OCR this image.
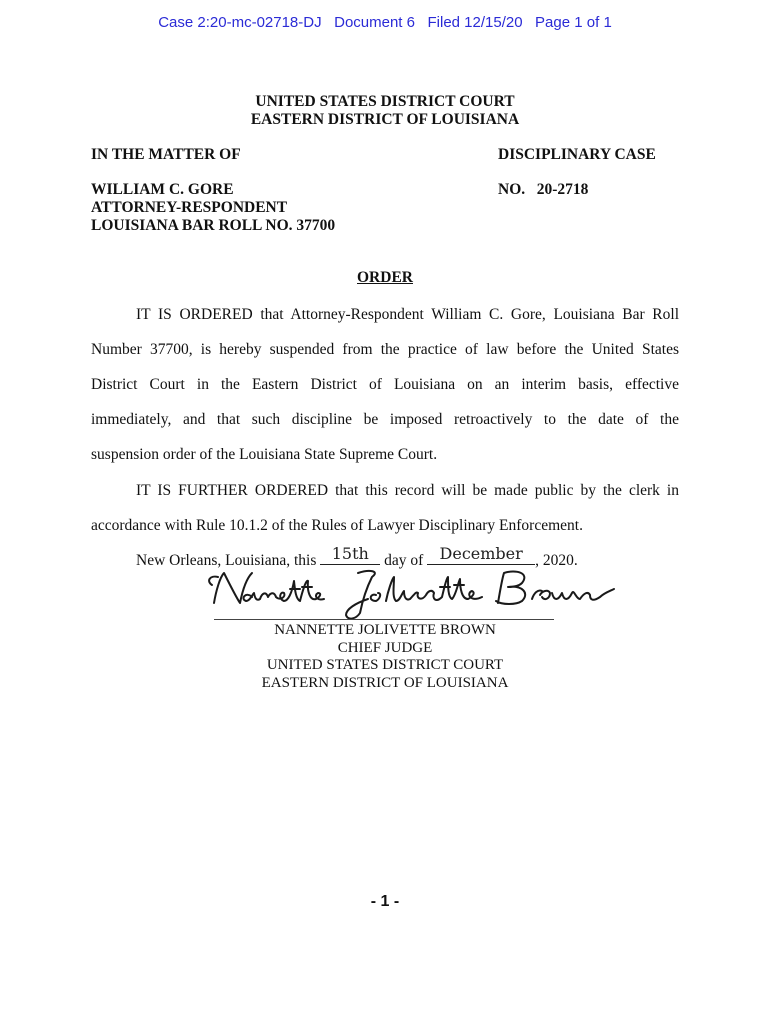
Case 2:20-mc-02718-DJ   Document 6   Filed 12/15/20   Page 1 of 1
UNITED STATES DISTRICT COURT
EASTERN DISTRICT OF LOUISIANA
IN THE MATTER OF	DISCIPLINARY CASE
WILLIAM C. GORE
ATTORNEY-RESPONDENT
LOUISIANA BAR ROLL NO. 37700
NO.   20-2718
ORDER
IT IS ORDERED that Attorney-Respondent William C. Gore, Louisiana Bar Roll
Number 37700, is hereby suspended from the practice of law before the United States
District Court in the Eastern District of Louisiana on an interim basis, effective
immediately, and that such discipline be imposed retroactively to the date of the
suspension order of the Louisiana State Supreme Court.
IT IS FURTHER ORDERED that this record will be made public by the clerk in
accordance with Rule 10.1.2 of the Rules of Lawyer Disciplinary Enforcement.
New Orleans, Louisiana, this 15th day of December , 2020.
NANNETTE JOLIVETTE BROWN
CHIEF JUDGE
UNITED STATES DISTRICT COURT
EASTERN DISTRICT OF LOUISIANA
- 1 -
